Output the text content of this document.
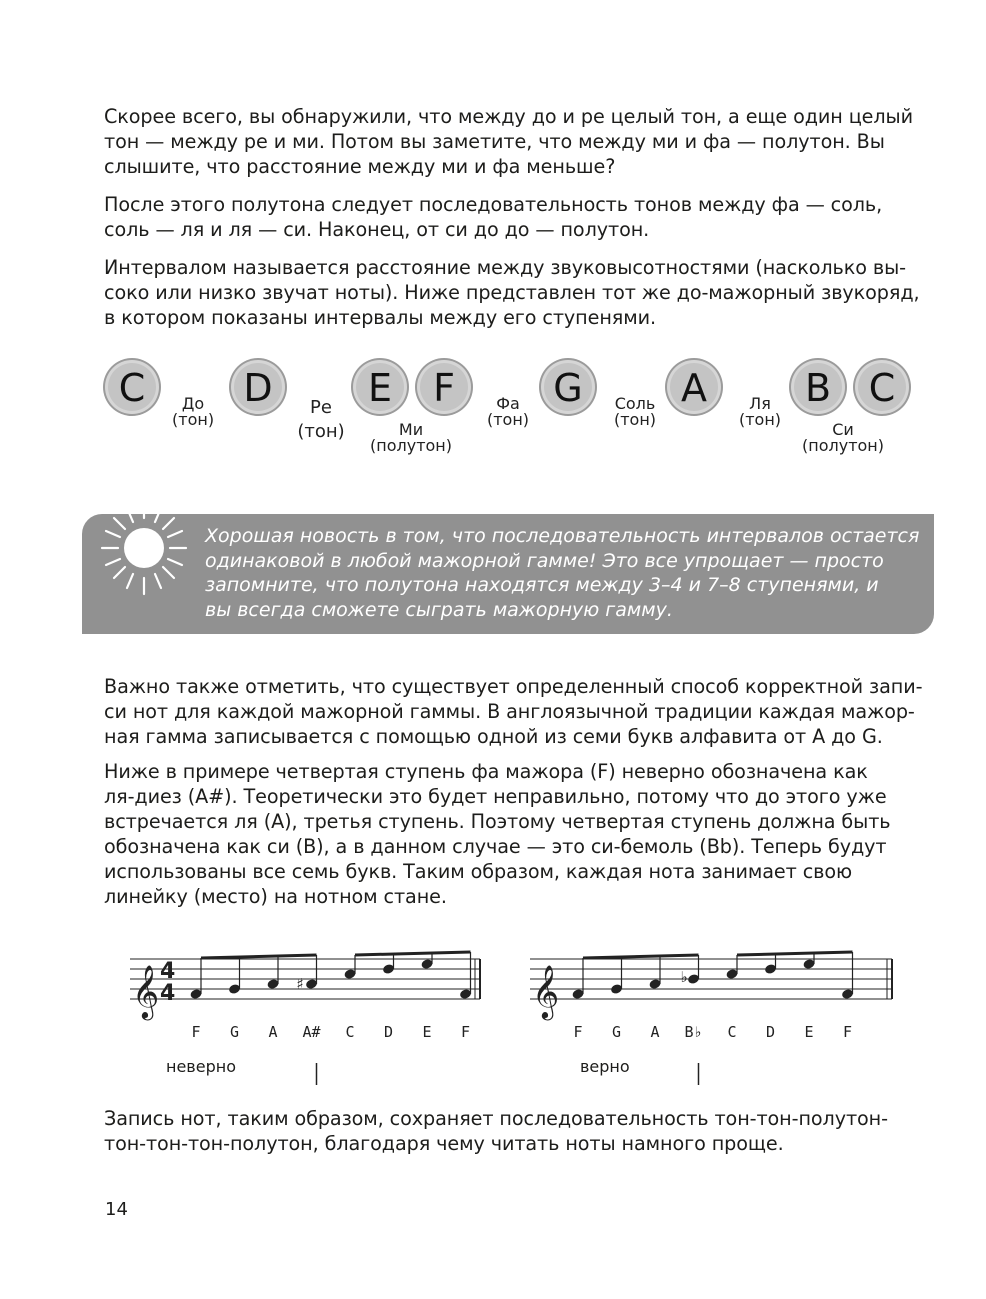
Скорее всего, вы обнаружили, что между до и ре целый тон, а еще один целый
тон — между ре и ми. Потом вы заметите, что между ми и фа — полутон. Вы
слышите, что расстояние между ми и фа меньше?

После этого полутона следует последовательность тонов между фа — соль,
соль — ля и ля — си. Наконец, от си до до — полутон.

Интервалом называется расстояние между звуковысотностями (насколько вы-
соко или низко звучат ноты). Ниже представлен тот же до-мажорный звукоряд,
в котором показаны интервалы между его ступенями.

C	D	E F	G	A	B C
До
(тон)
Ре
(тон)	Ми
(полутон)
Фа
(тон)
Соль
(тон)
Ля
(тон)
Си
(полутон)

Хорошая новость в том, что последовательность интервалов остается
одинаковой в любой мажорной гамме! Это все упрощает — просто
запомните, что полутона находятся между 3–4 и 7–8 ступенями, и
вы всегда сможете сыграть мажорную гамму.

Важно также отметить, что существует определенный способ корректной запи-
си нот для каждой мажорной гаммы. В англоязычной традиции каждая мажор-
ная гамма записывается с помощью одной из семи букв алфавита от A до G.

Ниже в примере четвертая ступень фа мажора (F) неверно обозначена как
ля-диез (A#). Теоретически это будет неправильно, потому что до этого уже
встречается ля (A), третья ступень. Поэтому четвертая ступень должна быть
обозначена как си (B), а в данном случае — это си-бемоль (Bb). Теперь будут
использованы все семь букв. Таким образом, каждая нота занимает свою
линейку (место) на нотном стане.

𝄞 4
4
F G A
♯
A# C D E F
𝄞
F G A
♭
B♭ C D E F
неверно	верно

Запись нот, таким образом, сохраняет последовательность тон-тон-полутон-
тон-тон-тон-полутон, благодаря чему читать ноты намного проще.

14
